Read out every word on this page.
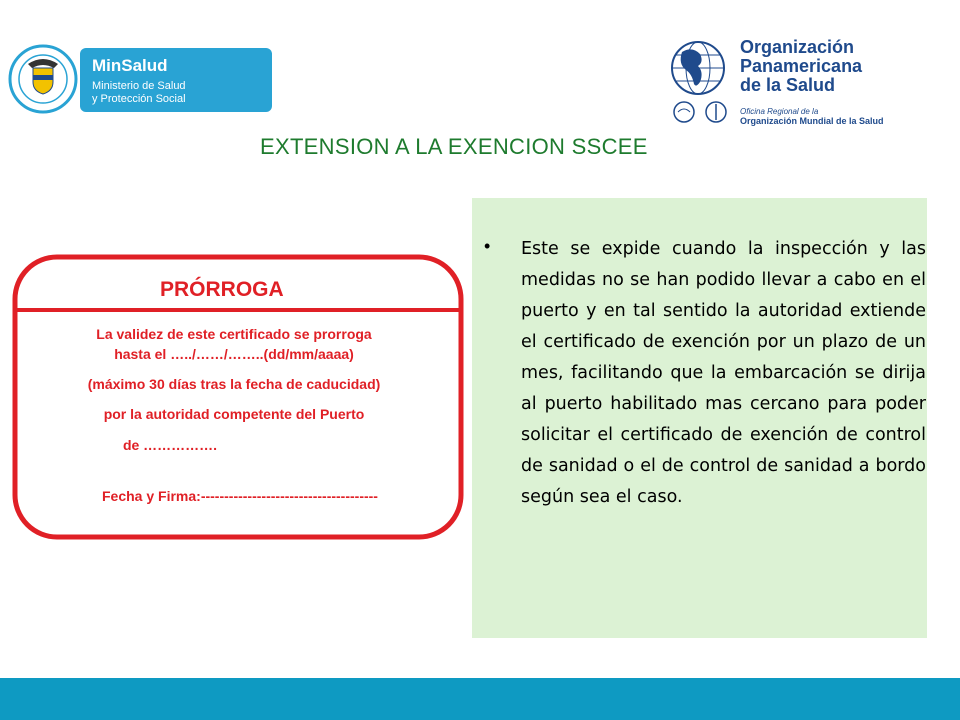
MinSalud
Ministerio de Salud
y Protección Social
Organización
Panamericana
de la Salud
Oficina Regional de la
Organización Mundial de la Salud
EXTENSION A LA EXENCION SSCEE
PRÓRROGA
La validez de este certificado se prorroga
hasta el …../……/……..(dd/mm/aaaa)
(máximo 30 días tras la fecha de caducidad)
por la autoridad competente del Puerto
de …………….
Fecha y Firma:--------------------------------------
• Este se expide cuando la inspección y las medidas no se han podido llevar a cabo en el puerto y en tal sentido la autoridad extiende el certificado de exención por un plazo de un mes, facilitando que la embarcación se dirija al puerto habilitado mas cercano para poder solicitar el certificado de exención de control de sanidad o el de control de sanidad a bordo según sea el caso.
